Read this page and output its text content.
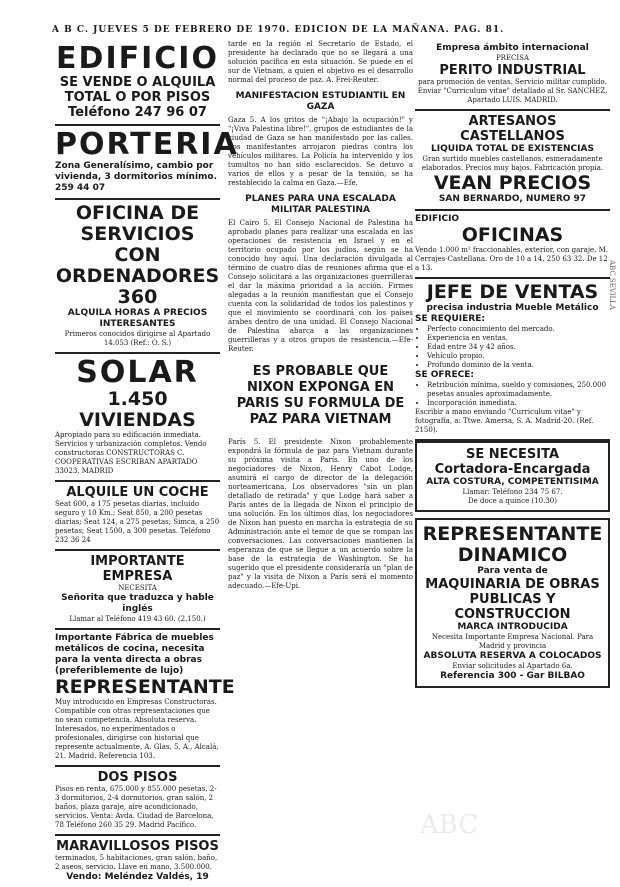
A B C. JUEVES 5 DE FEBRERO DE 1970. EDICION DE LA MAÑANA. PAG. 81.
EDIFICIO
SE VENDE O ALQUILA
TOTAL O POR PISOS
Teléfono 247 96 07
PORTERIA
Zona Generalísimo, cambio por vivienda, 3 dormitorios mínimo. 259 44 07
OFICINA DE SERVICIOS CON ORDENADORES 360
ALQUILA HORAS A PRECIOS INTERESANTES
Primeros conocidos dirigirse al Apartado 14.053 (Ref.: O. S.)
SOLAR
1.450 VIVIENDAS
Apropiado para su edificación inmediata. Servicios y urbanización completos. Vendo constructoras CONSTRUCTORAS C. COOPERATIVAS ESCRIBAN APARTADO 33023. MADRID
ALQUILE UN COCHE
Seat 600, a 175 pesetas diarias, incluido seguro y 10 Km.; Seat 850, a 200 pesetas diarias; Seat 124, a 275 pesetas; Simca, a 250 pesetas; Seat 1500, a 300 pesetas. Teléfono 232 36 24
IMPORTANTE EMPRESA
NECESITA
Señorita que traduzca y hable inglés
Llamar al Teléfono 419 43 60. (2.150.)
Importante Fábrica de muebles metálicos de cocina, necesita para la venta directa a obras (preferiblemente de lujo)
REPRESENTANTE
Muy introducido en Empresas Constructoras. Compatible con otras representaciones que no sean competencia. Absoluta reserva. Interesados, no experimentados o profesionales, dirigirse con historial que represente actualmente, A. Glas, 5, A., Alcalá, 21. Madrid. Referencia 103.
DOS PISOS
Pisos en renta, 675.000 y 855.000 pesetas, 2-3 dormitorios, 2-4 dormitorios, gran salón, 2 baños, plaza garaje, aire acondicionado, servicios. Venta: Avda. Ciudad de Barcelona, 78 Teléfono 260 35 29. Madrid Pacífico.
MARAVILLOSOS PISOS
terminados, 5 habitaciones, gran salón, baño, 2 aseos, servicio. Llave en mano, 3.500.000.
Vendo: Meléndez Valdés, 19
tarde en la región el Secretario de Estado, el presidente ha declarado que no se llegará a una solución pacífica en esta situación. Se puede en el sur de Vietnam, a quien el objetivo es el desarrollo normal del proceso de paz. A. Frei-Reuter.
MANIFESTACION ESTUDIANTIL EN GAZA
Gaza 5. A los gritos de "¡Abajo la ocupación!" y "¡Viva Palestina libre!", grupos de estudiantes de la ciudad de Gaza se han manifestado por las calles. Los manifestantes arrojaron piedras contra los vehículos militares. La Policía ha intervenido y los tumultos no han sido esclarecidos. Se detuvo a varios de ellos y a pesar de la tensión, se ha restablecido la calma en Gaza.—Efe.
PLANES PARA UNA ESCALADA MILITAR PALESTINA
El Cairo 5. El Consejo Nacional de Palestina ha aprobado planes para realizar una escalada en las operaciones de resistencia en Israel y en el territorio ocupado por los judíos, según se ha conocido hoy aquí. Una declaración divulgada al término de cuatro días de reuniones afirma que el Consejo solicitará a las organizaciones guerrilleras el dar la máxima prioridad a la acción. Firmes alegadas a la reunión manifiestan que el Consejo cuenta con la solidaridad de todos los palestinos y que el movimiento se coordinará con los países árabes dentro de una unidad. El Consejo Nacional de Palestina abarca a las organizaciones guerrilleras y a otros grupos de resistencia.—Efe-Reuter.
ES PROBABLE QUE NIXON EXPONGA EN PARIS SU FORMULA DE PAZ PARA VIETNAM
París 5. El presidente Nixon probablemente expondrá la fórmula de paz para Vietnam durante su próxima visita a París. En uno de los negociadores de Nixon, Henry Cabot Lodge, asumirá el cargo de director de la delegación norteamericana. Los observadores "sin un plan detallado de retirada" y que Lodge hará saber a París antes de la llegada de Nixon el principio de una solución. En los últimos días, los negociadores de Nixon han puesto en marcha la estrategia de su Administración ante el temor de que se rompan las conversaciones. Las conversaciones mantienen la esperanza de que se llegue a un acuerdo sobre la base de la estrategia de Washington. Se ha sugerido que el presidente consideraría un "plan de paz" y la visita de Nixon a París será el momento adecuado.—Efe-Upi.
Empresa ámbito internacional
PRECISA
PERITO INDUSTRIAL
para promoción de ventas. Servicio militar cumplido. Enviar "Curriculum vitae" detallado al Sr. SANCHEZ, Apartado LUIS. MADRID.
ARTESANOS CASTELLANOS
LIQUIDA TOTAL DE EXISTENCIAS
Gran surtido muebles castellanos, esmeradamente elaborados. Precios muy bajos. Fabricación propia.
VEAN PRECIOS
SAN BERNARDO, NUMERO 97
EDIFICIO
OFICINAS
Vendo 1.000 m² fraccionables, exterior, con garaje, M. Cerrajes-Castellana. Oro de 10 a 14, 250 63 32. De 12 a 13.
JEFE DE VENTAS
precisa industria Mueble Metálico
SE REQUIERE:
• Perfecto conocimiento del mercado.
• Experiencia en ventas.
• Edad entre 34 y 42 años.
• Vehículo propio.
• Profundo dominio de la venta.
SE OFRECE:
• Retribución mínima, sueldo y comisiones, 250.000 pesetas anuales aproximadamente.
• Incorporación inmediata.
Escribir a mano enviando "Curriculum vitae" y fotografía, a: Ttwe. Amersa, S. A. Madrid-20. (Ref. 2150).
SE NECESITA
Cortadora-Encargada
ALTA COSTURA, COMPETENTISIMA
Llamar: Teléfono 234 75 67.
De doce a quince (10.30)
REPRESENTANTE
DINAMICO
Para venta de
MAQUINARIA DE OBRAS PUBLICAS Y CONSTRUCCION
MARCA INTRODUCIDA
Necesita Importante Empresa Nacional. Para Madrid y provincia
ABSOLUTA RESERVA A COLOCADOS
Enviar solicitudes al Apartado 6a.
Referencia 300 - Gar BILBAO
ABC
ABC SEVILLA
